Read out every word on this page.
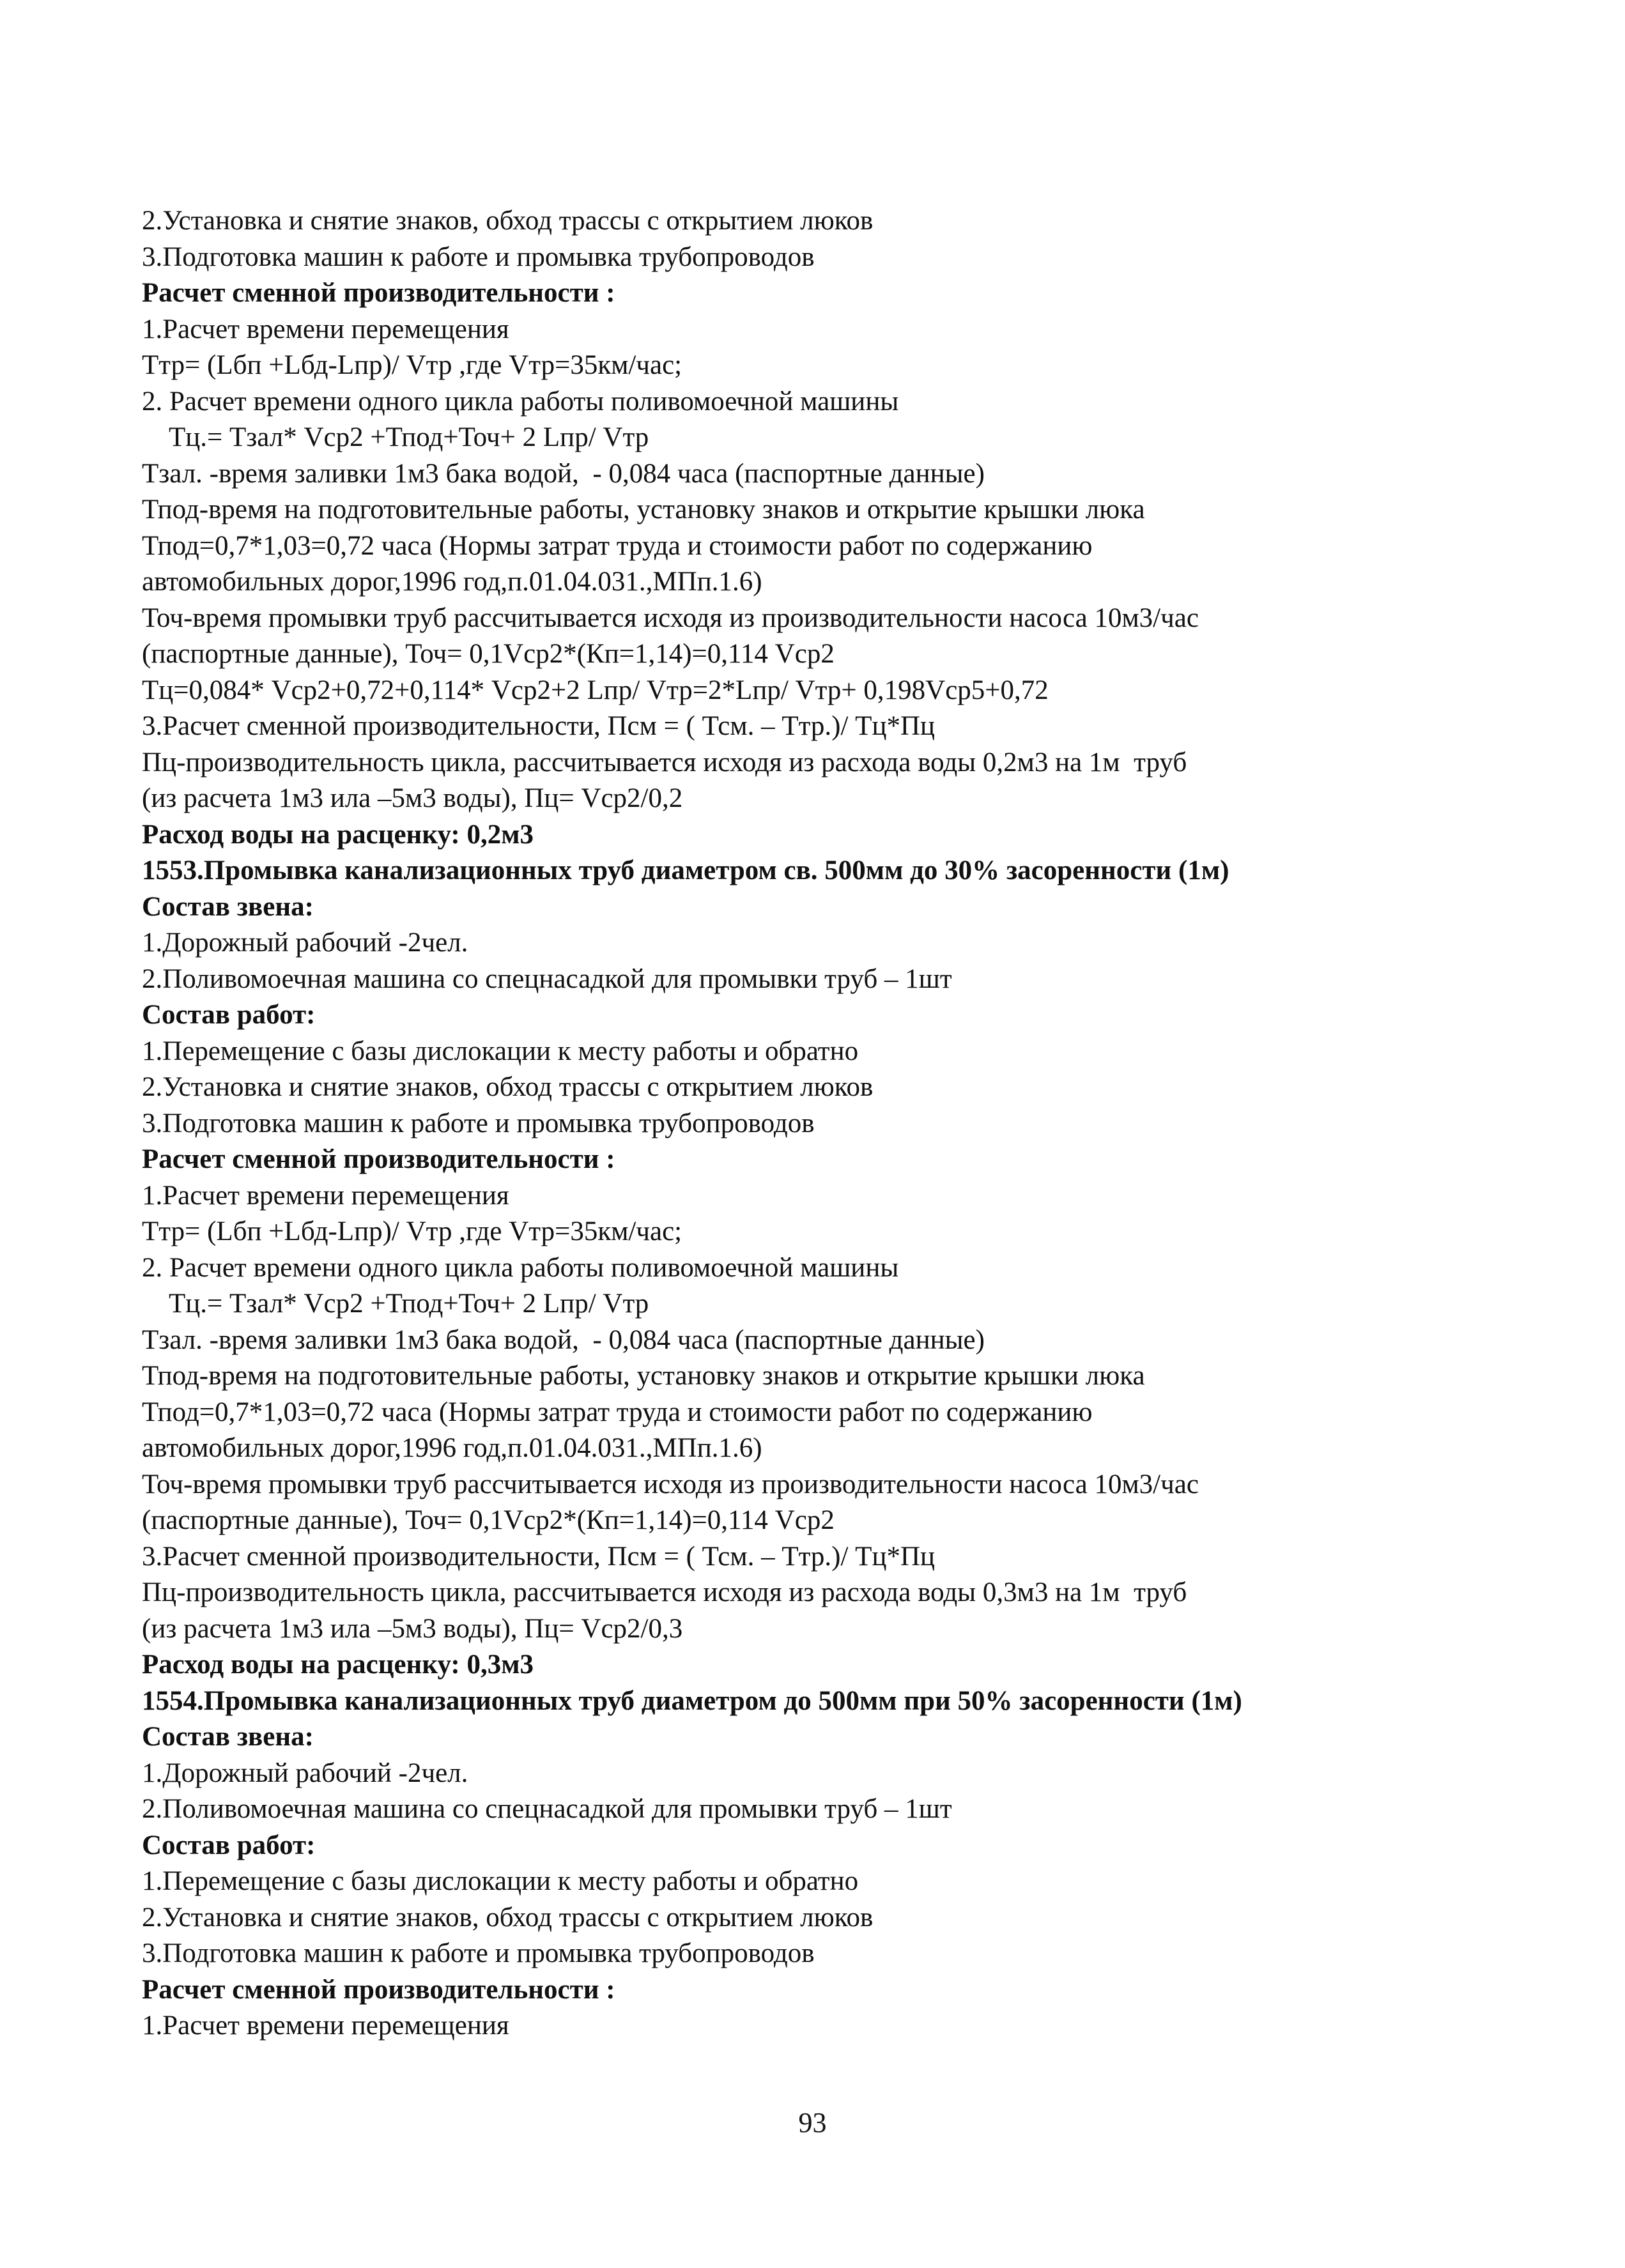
2.Установка и снятие знаков, обход трассы с открытием люков
3.Подготовка машин к работе и промывка трубопроводов
Расчет сменной производительности :
1.Расчет времени перемещения
Ттр= (Lбп +Lбд-Lпр)/ Vтр ,где Vтр=35км/час;
2. Расчет времени одного цикла работы поливомоечной машины
Тц.= Тзал* Vср2 +Тпод+Точ+ 2 Lпр/ Vтр
Тзал. -время заливки 1м3 бака водой,  - 0,084 часа (паспортные данные)
Тпод-время на подготовительные работы, установку знаков и открытие крышки люка
Тпод=0,7*1,03=0,72 часа (Нормы затрат труда и стоимости работ по содержанию
автомобильных дорог,1996 год,п.01.04.031.,МПп.1.6)
Точ-время промывки труб рассчитывается исходя из производительности насоса 10м3/час
(паспортные данные), Точ= 0,1Vср2*(Кп=1,14)=0,114 Vср2
Тц=0,084* Vср2+0,72+0,114* Vср2+2 Lпр/ Vтр=2*Lпр/ Vтр+ 0,198Vср5+0,72
3.Расчет сменной производительности, Псм = ( Тсм. – Ттр.)/ Тц*Пц
Пц-производительность цикла, рассчитывается исходя из расхода воды 0,2м3 на 1м  труб
(из расчета 1м3 ила –5м3 воды), Пц= Vср2/0,2
Расход воды на расценку: 0,2м3
1553.Промывка канализационных труб диаметром св. 500мм до 30% засоренности (1м)
Состав звена:
1.Дорожный рабочий -2чел.
2.Поливомоечная машина со спецнасадкой для промывки труб – 1шт
Состав работ:
1.Перемещение с базы дислокации к месту работы и обратно
2.Установка и снятие знаков, обход трассы с открытием люков
3.Подготовка машин к работе и промывка трубопроводов
Расчет сменной производительности :
1.Расчет времени перемещения
Ттр= (Lбп +Lбд-Lпр)/ Vтр ,где Vтр=35км/час;
2. Расчет времени одного цикла работы поливомоечной машины
Тц.= Тзал* Vср2 +Тпод+Точ+ 2 Lпр/ Vтр
Тзал. -время заливки 1м3 бака водой,  - 0,084 часа (паспортные данные)
Тпод-время на подготовительные работы, установку знаков и открытие крышки люка
Тпод=0,7*1,03=0,72 часа (Нормы затрат труда и стоимости работ по содержанию
автомобильных дорог,1996 год,п.01.04.031.,МПп.1.6)
Точ-время промывки труб рассчитывается исходя из производительности насоса 10м3/час
(паспортные данные), Точ= 0,1Vср2*(Кп=1,14)=0,114 Vср2
3.Расчет сменной производительности, Псм = ( Тсм. – Ттр.)/ Тц*Пц
Пц-производительность цикла, рассчитывается исходя из расхода воды 0,3м3 на 1м  труб
(из расчета 1м3 ила –5м3 воды), Пц= Vср2/0,3
Расход воды на расценку: 0,3м3
1554.Промывка канализационных труб диаметром до 500мм при 50% засоренности (1м)
Состав звена:
1.Дорожный рабочий -2чел.
2.Поливомоечная машина со спецнасадкой для промывки труб – 1шт
Состав работ:
1.Перемещение с базы дислокации к месту работы и обратно
2.Установка и снятие знаков, обход трассы с открытием люков
3.Подготовка машин к работе и промывка трубопроводов
Расчет сменной производительности :
1.Расчет времени перемещения
93
